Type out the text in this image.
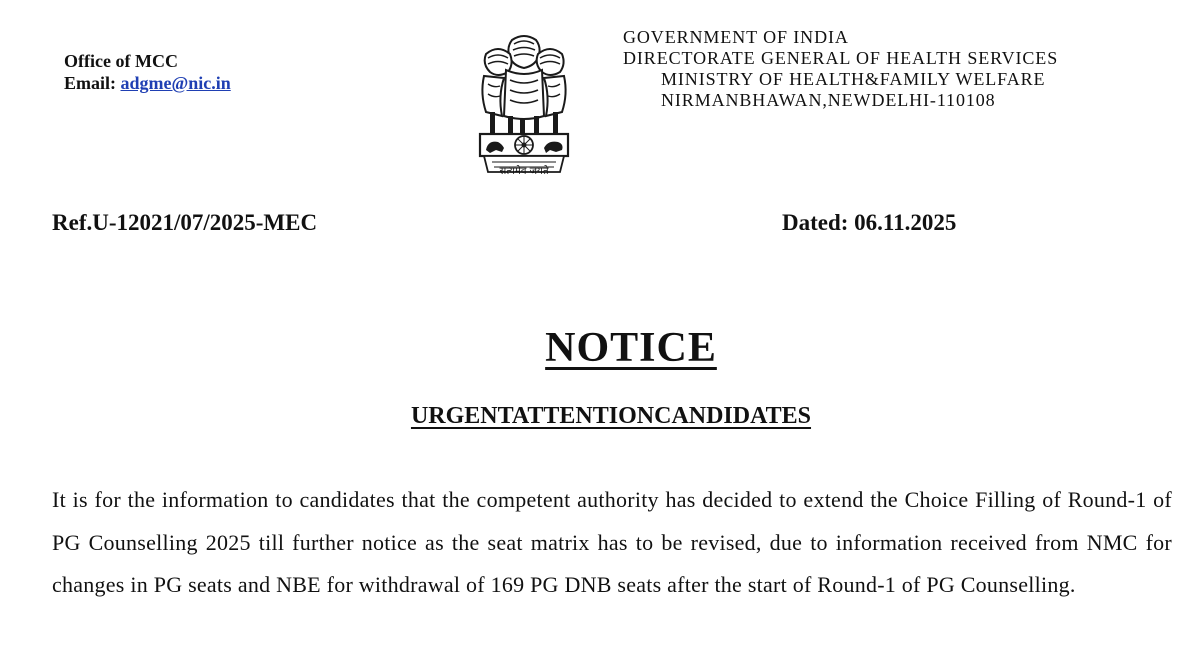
Office of MCC
Email: adgme@nic.in
सत्यमेव जयते
GOVERNMENT OF INDIA
DIRECTORATE GENERAL OF HEALTH SERVICES
MINISTRY OF HEALTH&FAMILY WELFARE
NIRMANBHAWAN,NEWDELHI-110108
Ref.U-12021/07/2025-MEC	Dated: 06.11.2025
NOTICE
URGENTATTENTIONCANDIDATES
It is for the information to candidates that the competent authority has decided to extend the Choice Filling of Round-1 of PG Counselling 2025 till further notice as the seat matrix has to be revised, due to information received from NMC for changes in PG seats and NBE for withdrawal of 169 PG DNB seats after the start of Round-1 of PG Counselling.
